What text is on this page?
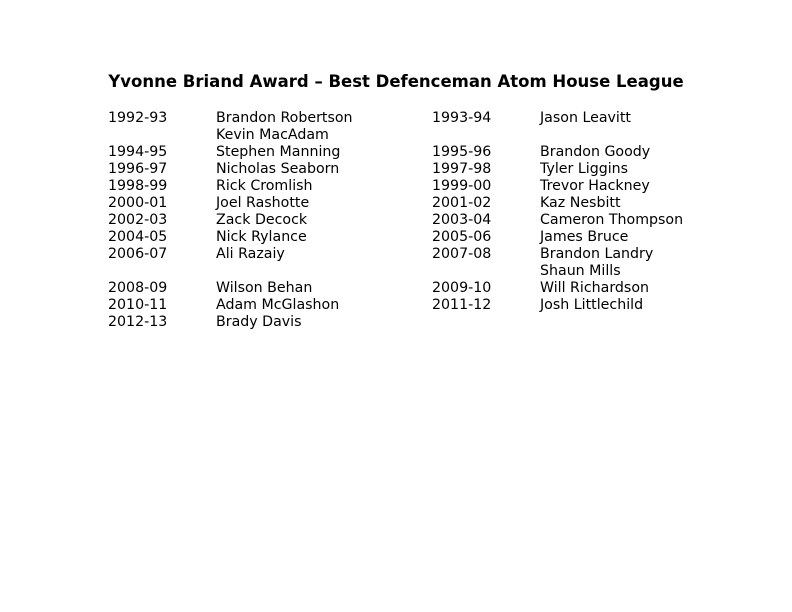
Yvonne Briand Award – Best Defenceman Atom House League
1992-93	Brandon Robertson
Kevin MacAdam
1994-95	Stephen Manning
1996-97	Nicholas Seaborn
1998-99	Rick Cromlish
2000-01	Joel Rashotte
2002-03	Zack Decock
2004-05	Nick Rylance
2006-07	Ali Razaiy
2008-09	Wilson Behan
2010-11	Adam McGlashon
2012-13	Brady Davis
1993-94	Jason Leavitt
1995-96	Brandon Goody
1997-98	Tyler Liggins
1999-00	Trevor Hackney
2001-02	Kaz Nesbitt
2003-04	Cameron Thompson
2005-06	James Bruce
2007-08	Brandon Landry
Shaun Mills
2009-10	Will Richardson
2011-12	Josh Littlechild
